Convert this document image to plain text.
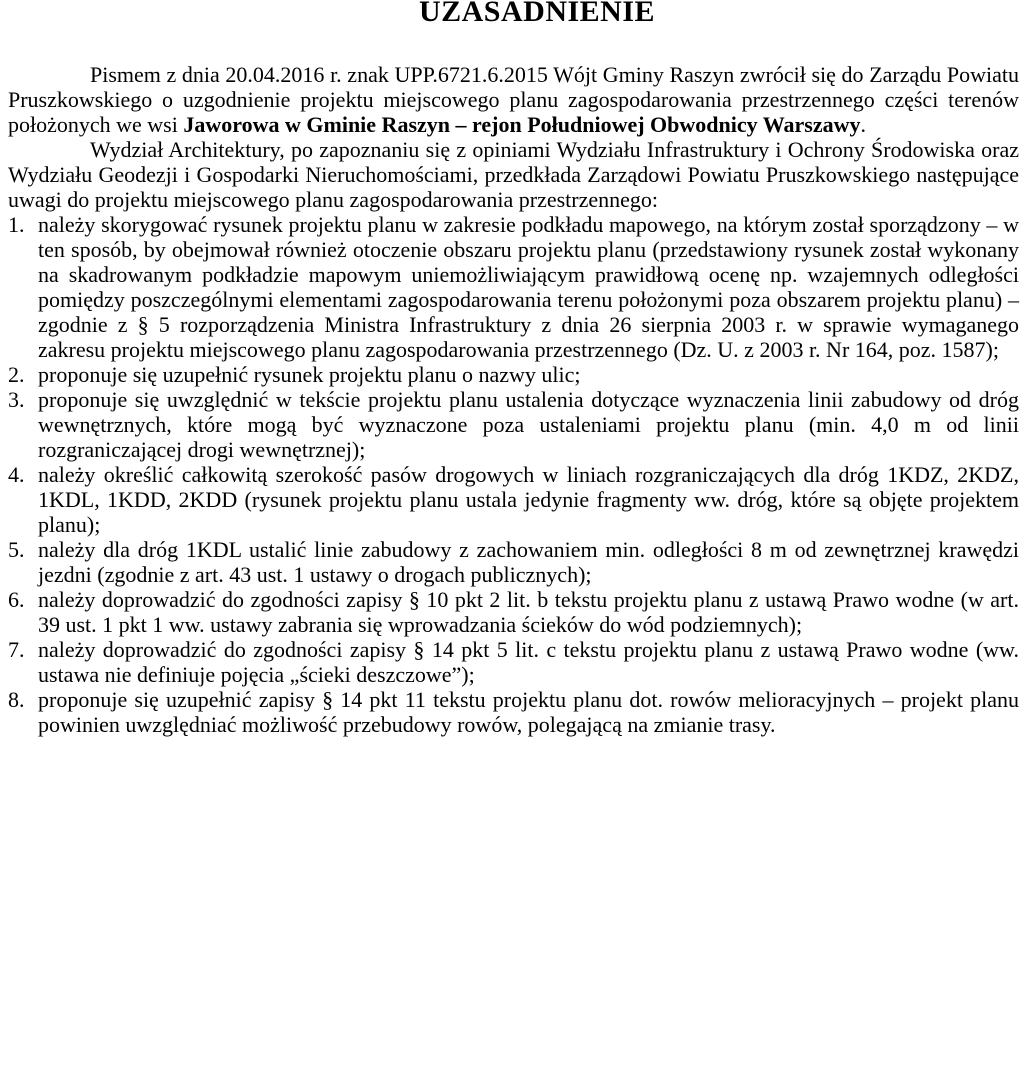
UZASADNIENIE

Pismem z dnia 20.04.2016 r. znak UPP.6721.6.2015 Wójt Gminy Raszyn zwrócił się do Zarządu Powiatu Pruszkowskiego o uzgodnienie projektu miejscowego planu zagospodarowania przestrzennego części terenów położonych we wsi Jaworowa w Gminie Raszyn – rejon Południowej Obwodnicy Warszawy.

Wydział Architektury, po zapoznaniu się z opiniami Wydziału Infrastruktury i Ochrony Środowiska oraz Wydziału Geodezji i Gospodarki Nieruchomościami, przedkłada Zarządowi Powiatu Pruszkowskiego następujące uwagi do projektu miejscowego planu zagospodarowania przestrzennego:

1. należy skorygować rysunek projektu planu w zakresie podkładu mapowego, na którym został sporządzony – w ten sposób, by obejmował również otoczenie obszaru projektu planu (przedstawiony rysunek został wykonany na skadrowanym podkładzie mapowym uniemożliwiającym prawidłową ocenę np. wzajemnych odległości pomiędzy poszczególnymi elementami zagospodarowania terenu położonymi poza obszarem projektu planu) – zgodnie z § 5 rozporządzenia Ministra Infrastruktury z dnia 26 sierpnia 2003 r. w sprawie wymaganego zakresu projektu miejscowego planu zagospodarowania przestrzennego (Dz. U. z 2003 r. Nr 164, poz. 1587);
2. proponuje się uzupełnić rysunek projektu planu o nazwy ulic;
3. proponuje się uwzględnić w tekście projektu planu ustalenia dotyczące wyznaczenia linii zabudowy od dróg wewnętrznych, które mogą być wyznaczone poza ustaleniami projektu planu (min. 4,0 m od linii rozgraniczającej drogi wewnętrznej);
4. należy określić całkowitą szerokość pasów drogowych w liniach rozgraniczających dla dróg 1KDZ, 2KDZ, 1KDL, 1KDD, 2KDD (rysunek projektu planu ustala jedynie fragmenty ww. dróg, które są objęte projektem planu);
5. należy dla dróg 1KDL ustalić linie zabudowy z zachowaniem min. odległości 8 m od zewnętrznej krawędzi jezdni (zgodnie z art. 43 ust. 1 ustawy o drogach publicznych);
6. należy doprowadzić do zgodności zapisy § 10 pkt 2 lit. b tekstu projektu planu z ustawą Prawo wodne (w art. 39 ust. 1 pkt 1 ww. ustawy zabrania się wprowadzania ścieków do wód podziemnych);
7. należy doprowadzić do zgodności zapisy § 14 pkt 5 lit. c tekstu projektu planu z ustawą Prawo wodne (ww. ustawa nie definiuje pojęcia „ścieki deszczowe”);
8. proponuje się uzupełnić zapisy § 14 pkt 11 tekstu projektu planu dot. rowów melioracyjnych – projekt planu powinien uwzględniać możliwość przebudowy rowów, polegającą na zmianie trasy.
